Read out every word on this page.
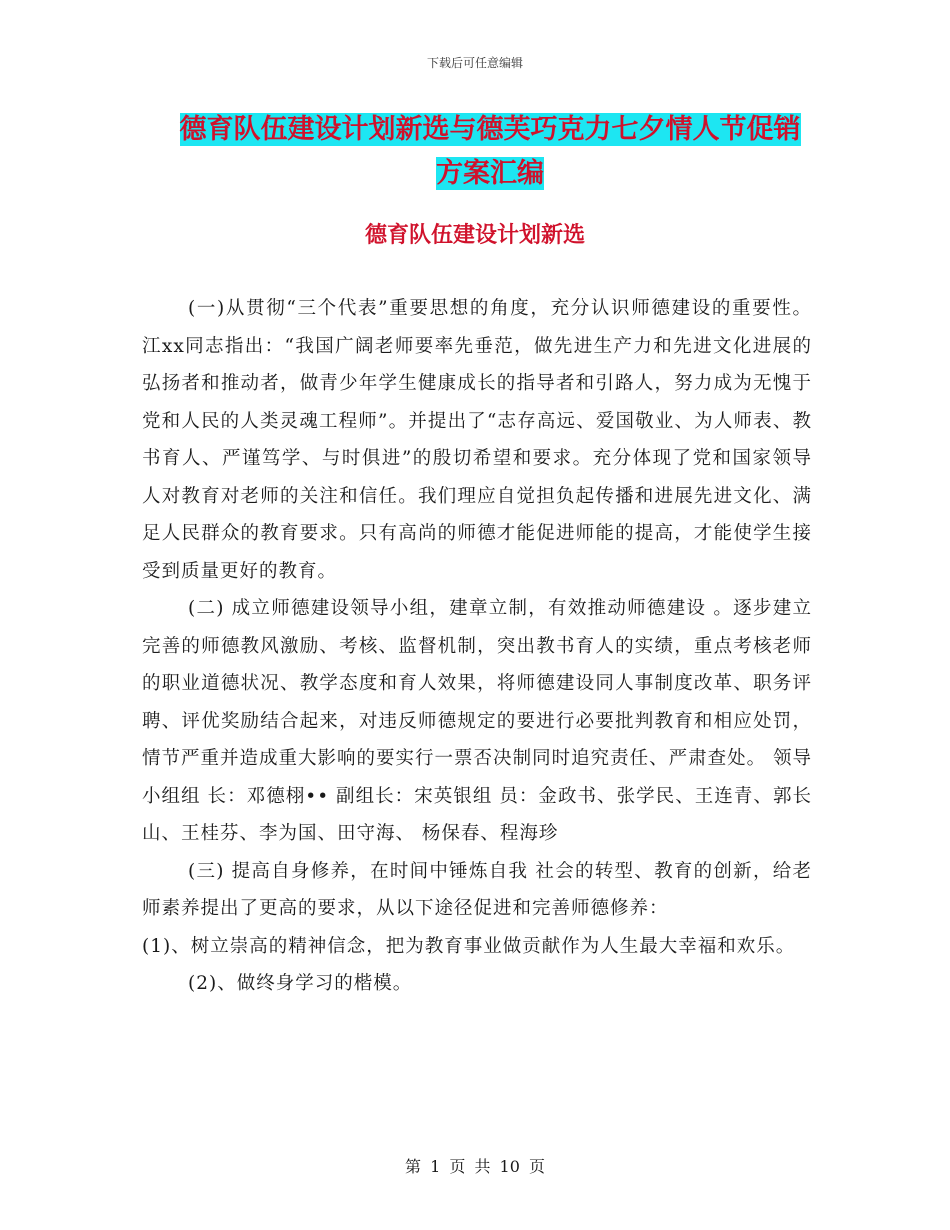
下载后可任意编辑
德育队伍建设计划新选与德芙巧克力七夕情人节促销
方案汇编
德育队伍建设计划新选

(一)从贯彻“三个代表”重要思想的角度，充分认识师德建设的重要性。 江xx同志指出：“我国广阔老师要率先垂范，做先进生产力和先进文化进展的弘扬者和推动者，做青少年学生健康成长的指导者和引路人，努力成为无愧于党和人民的人类灵魂工程师”。并提出了“志存高远、爱国敬业、为人师表、教书育人、严谨笃学、与时俱进”的殷切希望和要求。充分体现了党和国家领导人对教育对老师的关注和信任。我们理应自觉担负起传播和进展先进文化、满足人民群众的教育要求。只有高尚的师德才能促进师能的提高，才能使学生接受到质量更好的教育。

(二) 成立师德建设领导小组，建章立制，有效推动师德建设 。逐步建立完善的师德教风激励、考核、监督机制，突出教书育人的实绩，重点考核老师的职业道德状况、教学态度和育人效果，将师德建设同人事制度改革、职务评聘、评优奖励结合起来，对违反师德规定的要进行必要批判教育和相应处罚，情节严重并造成重大影响的要实行一票否决制同时追究责任、严肃查处。 领导小组组 长：邓德栩•• 副组长：宋英银组 员：金政书、张学民、王连青、郭长山、王桂芬、李为国、田守海、 杨保春、程海珍

(三) 提高自身修养，在时间中锤炼自我 社会的转型、教育的创新，给老师素养提出了更高的要求，从以下途径促进和完善师德修养：

(1)、树立崇高的精神信念，把为教育事业做贡献作为人生最大幸福和欢乐。

(2)、做终身学习的楷模。

第 1 页 共 10 页
